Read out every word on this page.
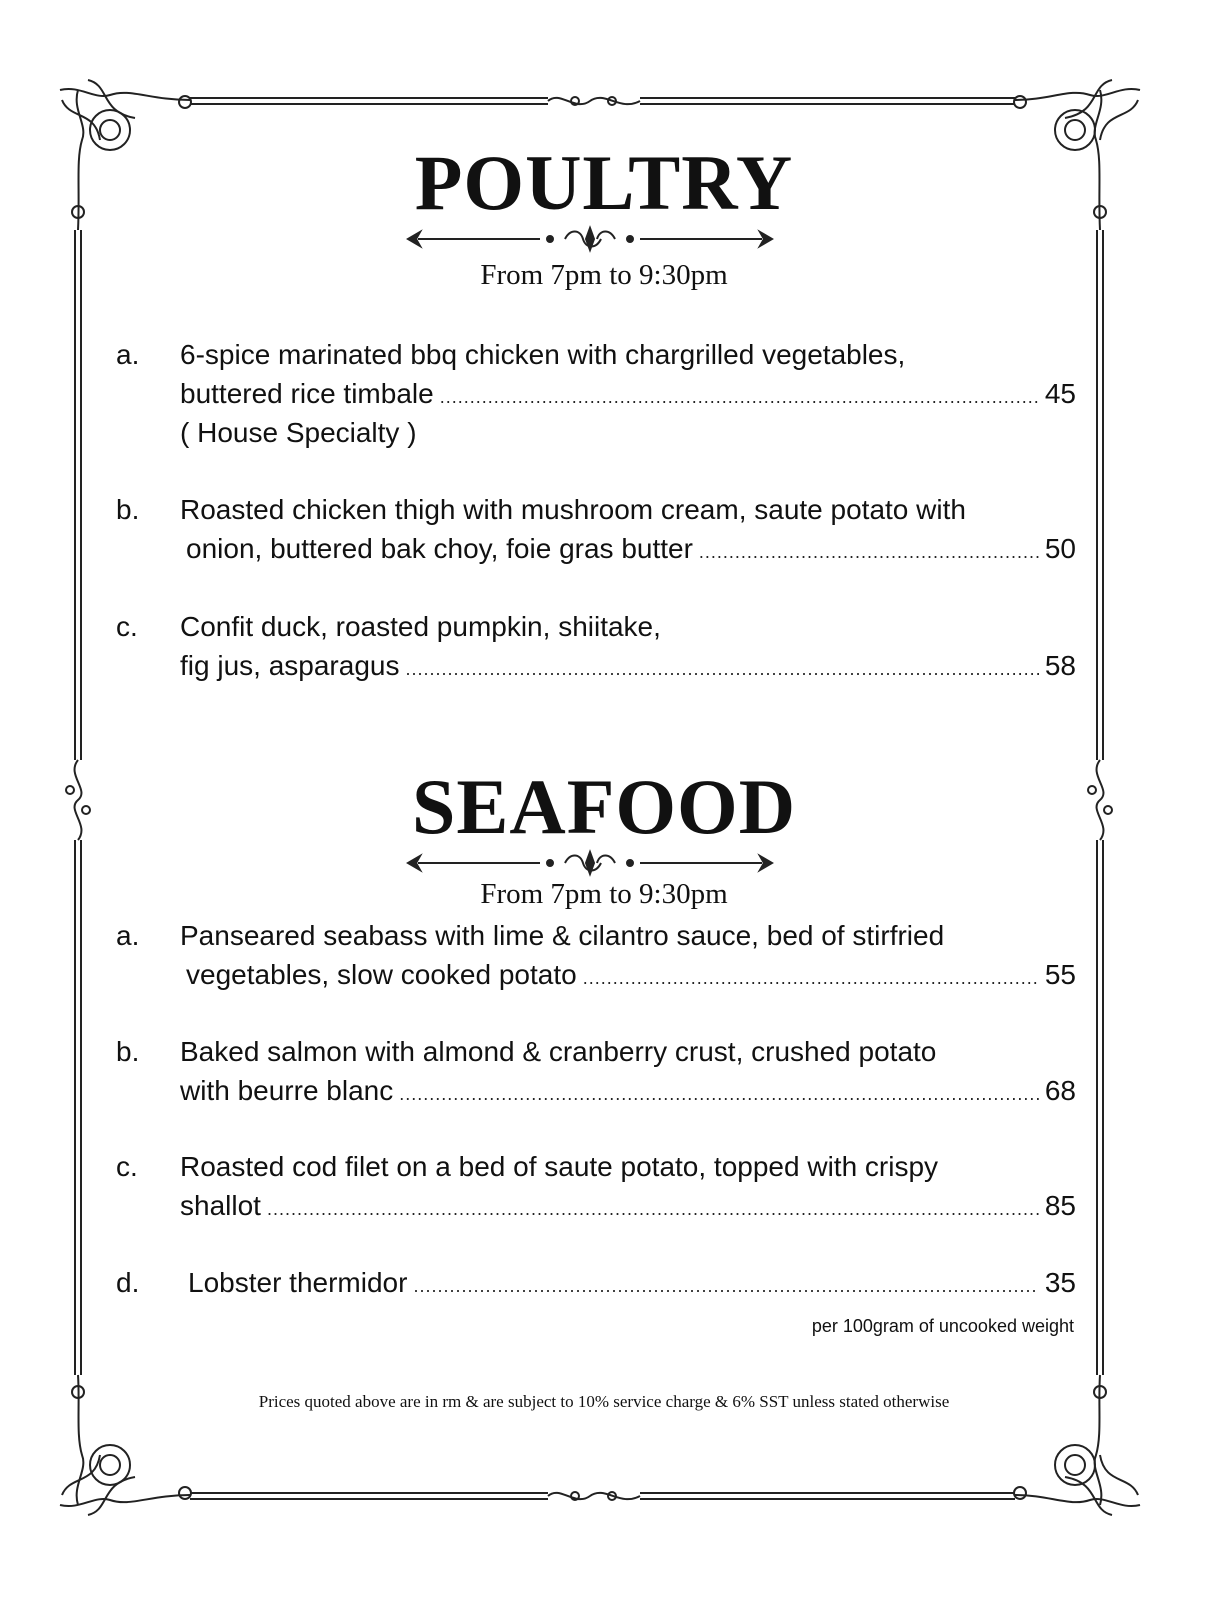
POULTRY
From 7pm to 9:30pm
a.	6-spice marinated bbq chicken with chargrilled vegetables,
buttered rice timbale .....	45
( House Specialty )
b.	Roasted chicken thigh with mushroom cream, saute potato with
onion, buttered bak choy, foie gras butter .....	50
c.	Confit duck, roasted pumpkin, shiitake,
fig jus, asparagus .....	58
SEAFOOD
From 7pm to 9:30pm
a.	Panseared seabass with lime & cilantro sauce, bed of stirfried
vegetables, slow cooked potato .....	55
b.	Baked salmon with almond & cranberry crust, crushed potato
with beurre blanc .....	68
c.	Roasted cod filet on a bed of saute potato, topped with crispy
shallot .....	85
d.	Lobster thermidor .....	35
per 100gram of uncooked weight
Prices quoted above are in rm & are subject to 10% service charge & 6% SST unless stated otherwise
